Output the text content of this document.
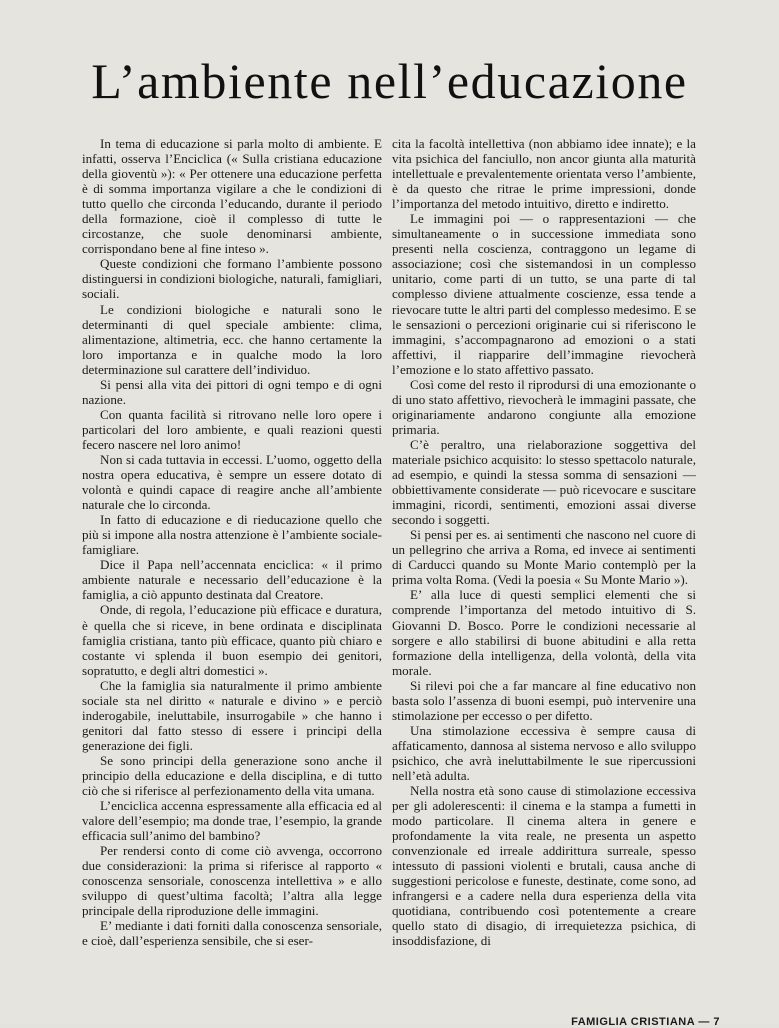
L’ambiente nell’educazione

In tema di educazione si parla molto di ambiente. E infatti, osserva l’Enciclica (« Sulla cristiana educazione della gioventù »): « Per ottenere una educazione perfetta è di somma importanza vigilare a che le condizioni di tutto quello che circonda l’educando, durante il periodo della formazione, cioè il complesso di tutte le circostanze, che suole denominarsi ambiente, corrispondano bene al fine inteso ».

Queste condizioni che formano l’ambiente possono distinguersi in condizioni biologiche, naturali, famigliari, sociali.

Le condizioni biologiche e naturali sono le determinanti di quel speciale ambiente: clima, alimentazione, altimetria, ecc. che hanno certamente la loro importanza e in qualche modo la loro determinazione sul carattere dell’individuo.

Si pensi alla vita dei pittori di ogni tempo e di ogni nazione.

Con quanta facilità si ritrovano nelle loro opere i particolari del loro ambiente, e quali reazioni questi fecero nascere nel loro animo!

Non si cada tuttavia in eccessi. L’uomo, oggetto della nostra opera educativa, è sempre un essere dotato di volontà e quindi capace di reagire anche all’ambiente naturale che lo circonda.

In fatto di educazione e di rieducazione quello che più si impone alla nostra attenzione è l’ambiente sociale-famigliare.

Dice il Papa nell’accennata enciclica: « il primo ambiente naturale e necessario dell’educazione è la famiglia, a ciò appunto destinata dal Creatore.

Onde, di regola, l’educazione più efficace e duratura, è quella che si riceve, in bene ordinata e disciplinata famiglia cristiana, tanto più efficace, quanto più chiaro e costante vi splenda il buon esempio dei genitori, sopratutto, e degli altri domestici ».

Che la famiglia sia naturalmente il primo ambiente sociale sta nel diritto « naturale e divino » e perciò inderogabile, ineluttabile, insurrogabile » che hanno i genitori dal fatto stesso di essere i principi della generazione dei figli.

Se sono principi della generazione sono anche il principio della educazione e della disciplina, e di tutto ciò che si riferisce al perfezionamento della vita umana.

L’enciclica accenna espressamente alla efficacia ed al valore dell’esempio; ma donde trae, l’esempio, la grande efficacia sull’animo del bambino?

Per rendersi conto di come ciò avvenga, occorrono due considerazioni: la prima si riferisce al rapporto « conoscenza sensoriale, conoscenza intellettiva » e allo sviluppo di quest’ultima facoltà; l’altra alla legge principale della riproduzione delle immagini.

E’ mediante i dati forniti dalla conoscenza sensoriale, e cioè, dall’esperienza sensibile, che si eser-

cita la facoltà intellettiva (non abbiamo idee innate); e la vita psichica del fanciullo, non ancor giunta alla maturità intellettuale e prevalentemente orientata verso l’ambiente, è da questo che ritrae le prime impressioni, donde l’importanza del metodo intuitivo, diretto e indiretto.

Le immagini poi — o rappresentazioni — che simultaneamente o in successione immediata sono presenti nella coscienza, contraggono un legame di associazione; così che sistemandosi in un complesso unitario, come parti di un tutto, se una parte di tal complesso diviene attualmente coscienze, essa tende a rievocare tutte le altri parti del complesso medesimo. E se le sensazioni o percezioni originarie cui si riferiscono le immagini, s’accompagnarono ad emozioni o a stati affettivi, il riapparire dell’immagine rievocherà l’emozione e lo stato affettivo passato.

Così come del resto il riprodursi di una emozionante o di uno stato affettivo, rievocherà le immagini passate, che originariamente andarono congiunte alla emozione primaria.

C’è peraltro, una rielaborazione soggettiva del materiale psichico acquisito: lo stesso spettacolo naturale, ad esempio, e quindi la stessa somma di sensazioni — obbiettivamente considerate — può ricevocare e suscitare immagini, ricordi, sentimenti, emozioni assai diverse secondo i soggetti.

Si pensi per es. ai sentimenti che nascono nel cuore di un pellegrino che arriva a Roma, ed invece ai sentimenti di Carducci quando su Monte Mario contemplò per la prima volta Roma. (Vedi la poesia « Su Monte Mario »).

E’ alla luce di questi semplici elementi che si comprende l’importanza del metodo intuitivo di S. Giovanni D. Bosco. Porre le condizioni necessarie al sorgere e allo stabilirsi di buone abitudini e alla retta formazione della intelligenza, della volontà, della vita morale.

Si rilevi poi che a far mancare al fine educativo non basta solo l’assenza di buoni esempi, può intervenire una stimolazione per eccesso o per difetto.

Una stimolazione eccessiva è sempre causa di affaticamento, dannosa al sistema nervoso e allo sviluppo psichico, che avrà ineluttabilmente le sue ripercussioni nell’età adulta.

Nella nostra età sono cause di stimolazione eccessiva per gli adolerescenti: il cinema e la stampa a fumetti in modo particolare. Il cinema altera in genere e profondamente la vita reale, ne presenta un aspetto convenzionale ed irreale addirittura surreale, spesso intessuto di passioni violenti e brutali, causa anche di suggestioni pericolose e funeste, destinate, come sono, ad infrangersi e a cadere nella dura esperienza della vita quotidiana, contribuendo così potentemente a creare quello stato di disagio, di irrequietezza psichica, di insoddisfazione, di

FAMIGLIA CRISTIANA — 7
